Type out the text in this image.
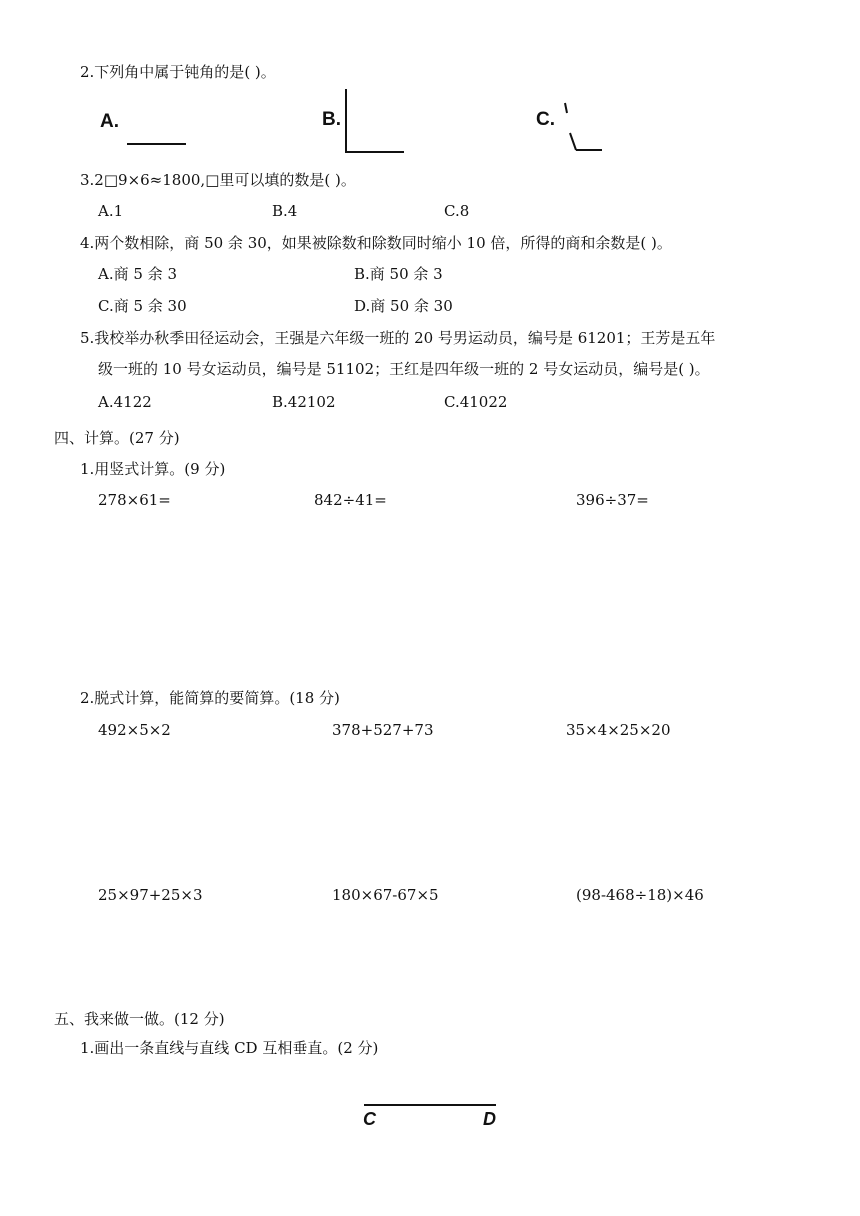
2.下列角中属于钝角的是( )。
A.	B.	C.
3.2□9×6≈1800,□里可以填的数是( )。
A.1	B.4	C.8
4.两个数相除，商 50 余 30，如果被除数和除数同时缩小 10 倍，所得的商和余数是( )。
A.商 5 余 3	B.商 50 余 3
C.商 5 余 30	D.商 50 余 30
5.我校举办秋季田径运动会，王强是六年级一班的 20 号男运动员，编号是 61201；王芳是五年
级一班的 10 号女运动员，编号是 51102；王红是四年级一班的 2 号女运动员，编号是( )。
A.4122	B.42102	C.41022
四、计算。(27 分)
1.用竖式计算。(9 分)
278×61=	842÷41=	396÷37=
2.脱式计算，能简算的要简算。(18 分)
492×5×2	378+527+73	35×4×25×20
25×97+25×3	180×67-67×5	(98-468÷18)×46
五、我来做一做。(12 分)
1.画出一条直线与直线 CD 互相垂直。(2 分)
C	D
